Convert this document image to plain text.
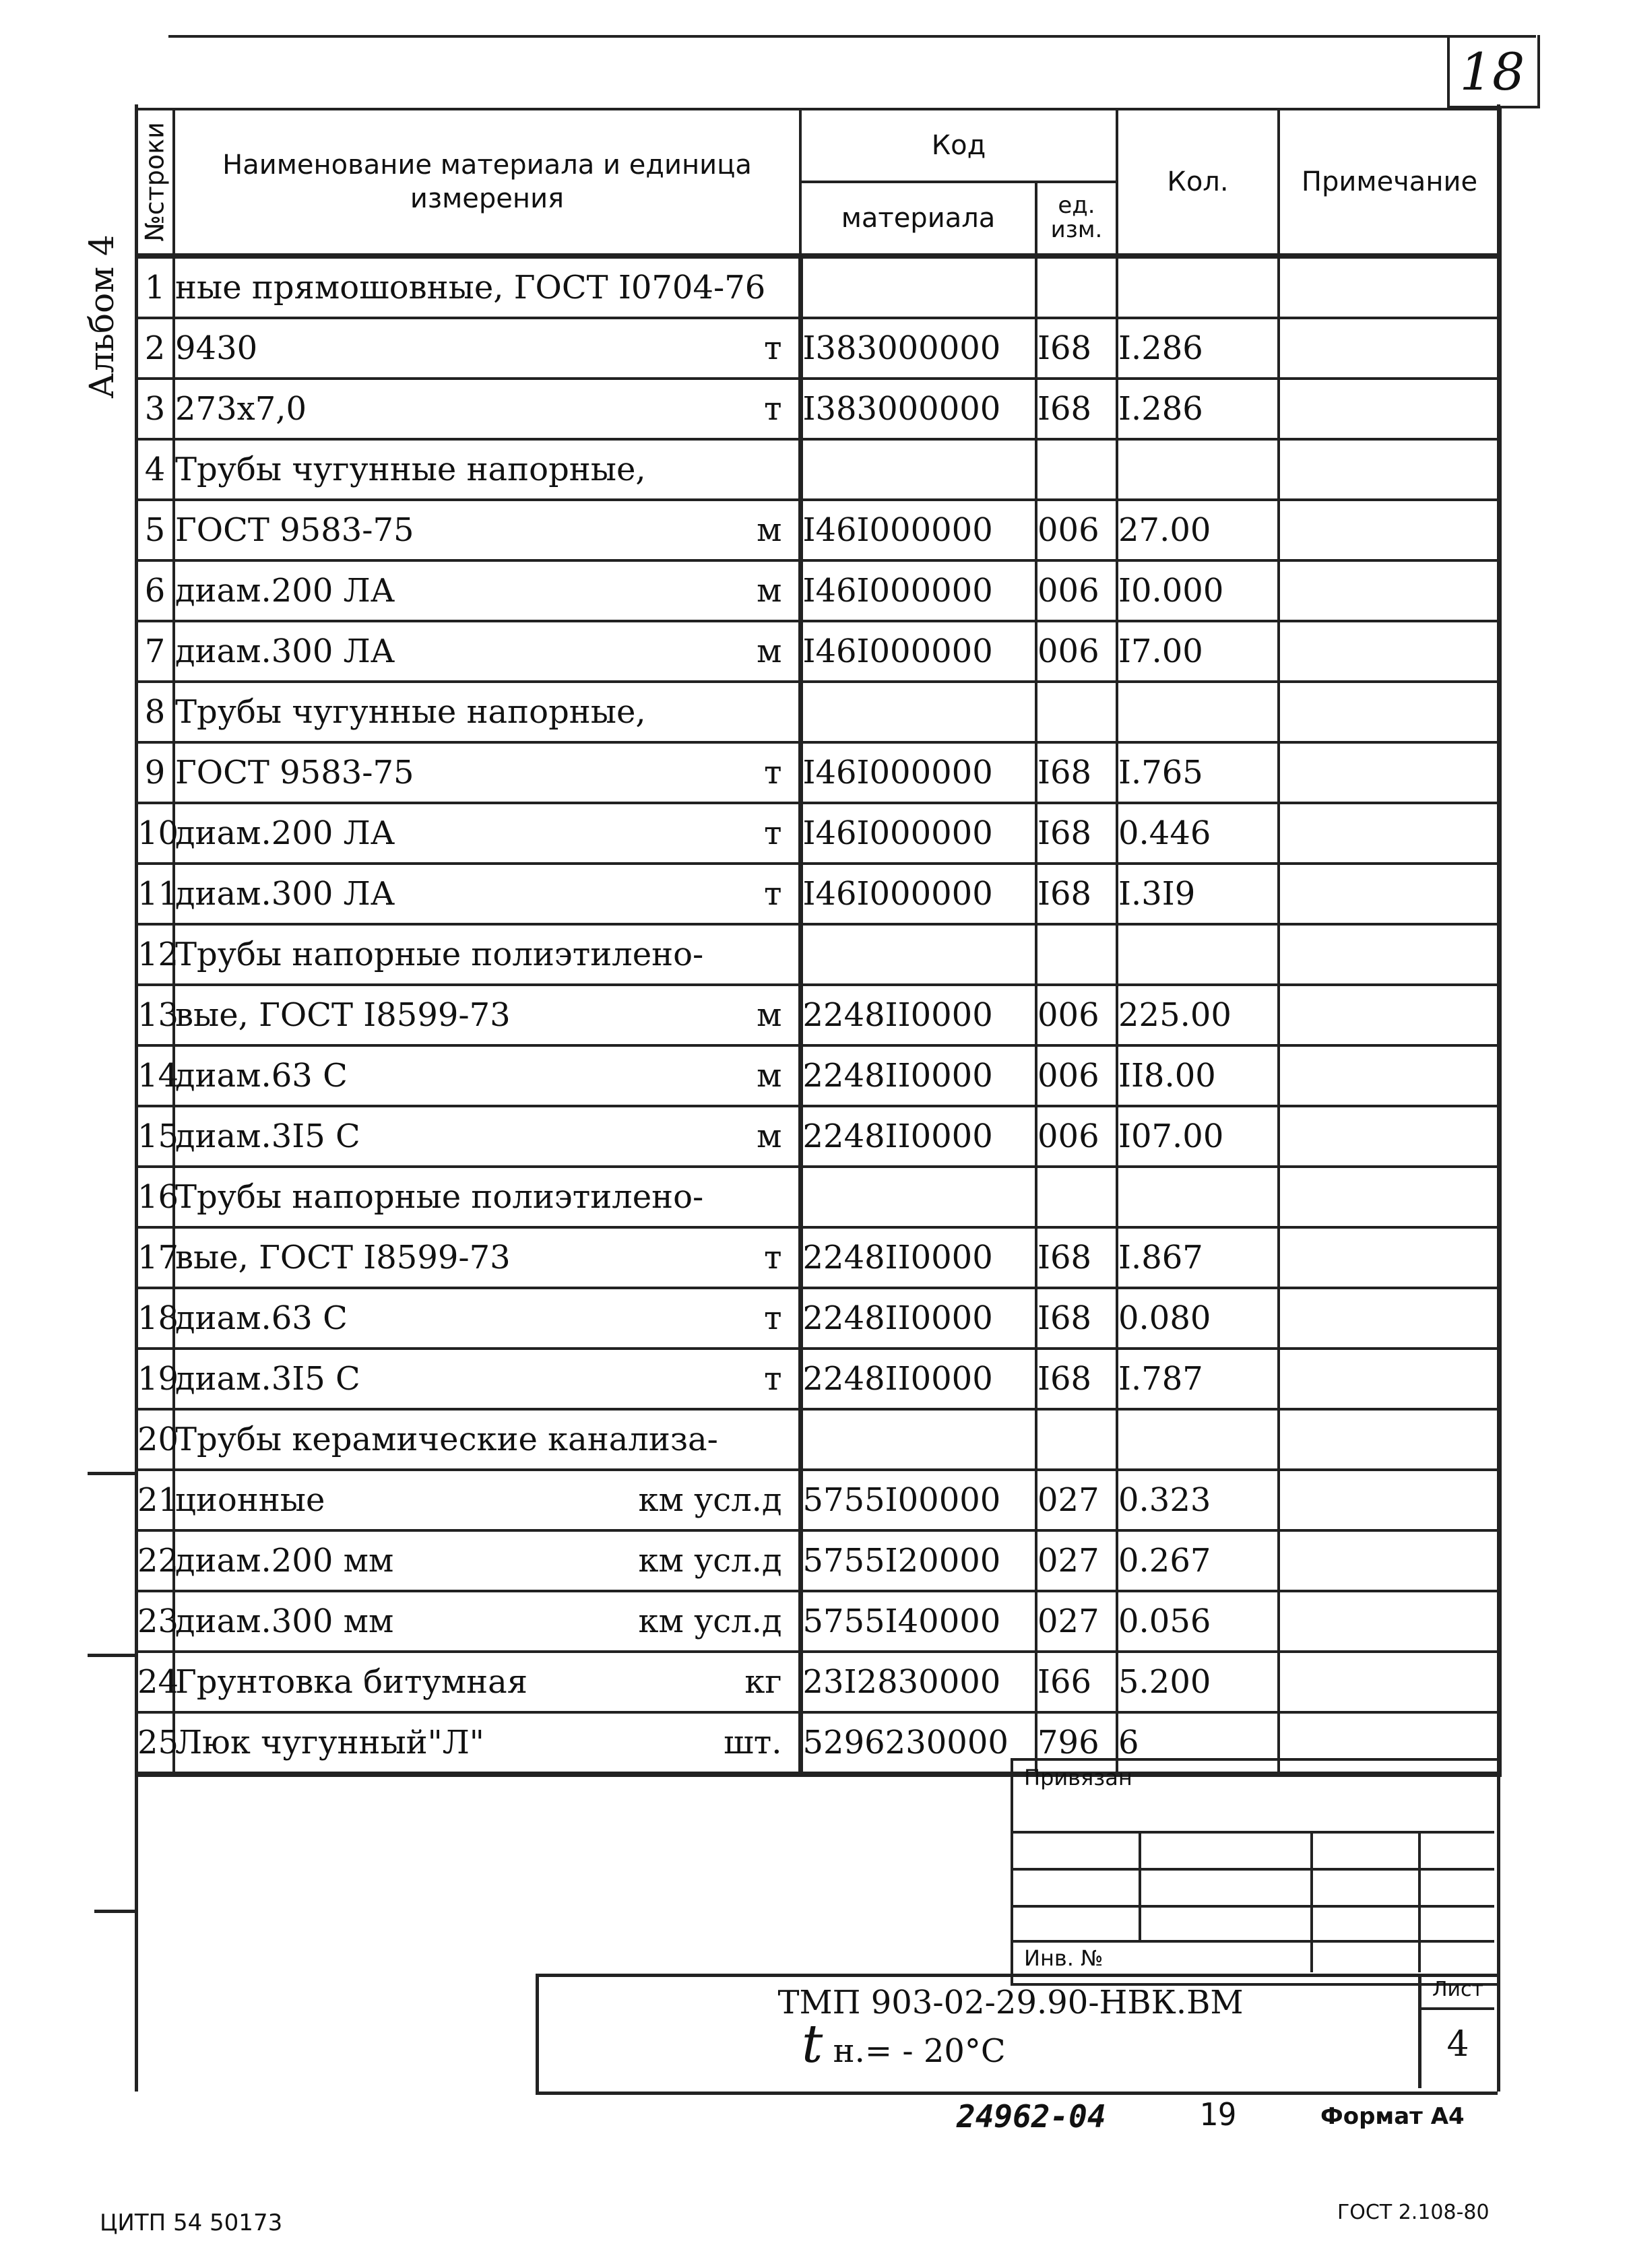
18
Альбом 4
№строки	Наименование материала и единица измерения	Код		Кол.	Примечание
		материала	ед. изм.		
1	ные прямошовные, ГОСТ I0704-76

2	9430 т	I383000000	I68	I.286	
3	273x7,0 т	I383000000	I68	I.286	
4	Трубы чугунные напорные,

5	ГОСТ 9583-75 м	I46I000000	006	27.00	
6	диам.200 ЛА м	I46I000000	006	I0.000	
7	диам.300 ЛА м	I46I000000	006	I7.00	
8	Трубы чугунные напорные,

9	ГОСТ 9583-75 т	I46I000000	I68	I.765	
10	диам.200 ЛА т	I46I000000	I68	0.446	
11	диам.300 ЛА т	I46I000000	I68	I.3I9	
12	Трубы напорные полиэтилено-

13	вые, ГОСТ I8599-73 м	2248II0000	006	225.00	
14	диам.63 С м	2248II0000	006	II8.00	
15	диам.3I5 С м	2248II0000	006	I07.00	
16	Трубы напорные полиэтилено-

17	вые, ГОСТ I8599-73 т	2248II0000	I68	I.867	
18	диам.63 С т	2248II0000	I68	0.080	
19	диам.3I5 С т	2248II0000	I68	I.787	
20	Трубы керамические канализа-

21	ционные км усл.д	5755I00000	027	0.323	
22	диам.200 мм км усл.д	5755I20000	027	0.267	
23	диам.300 мм км усл.д	5755I40000	027	0.056	
24	Грунтовка битумная кг	23I2830000	I66	5.200	
25	Люк чугунный"Л" шт.	5296230000	796	6	
Привязан
Инв. №
ТМП 903-02-29.90-НВК.ВМ
t н.= - 20°С
Лист
4
24962-04	19	Формат А4
ЦИТП 54 50173	ГОСТ 2.108-80
